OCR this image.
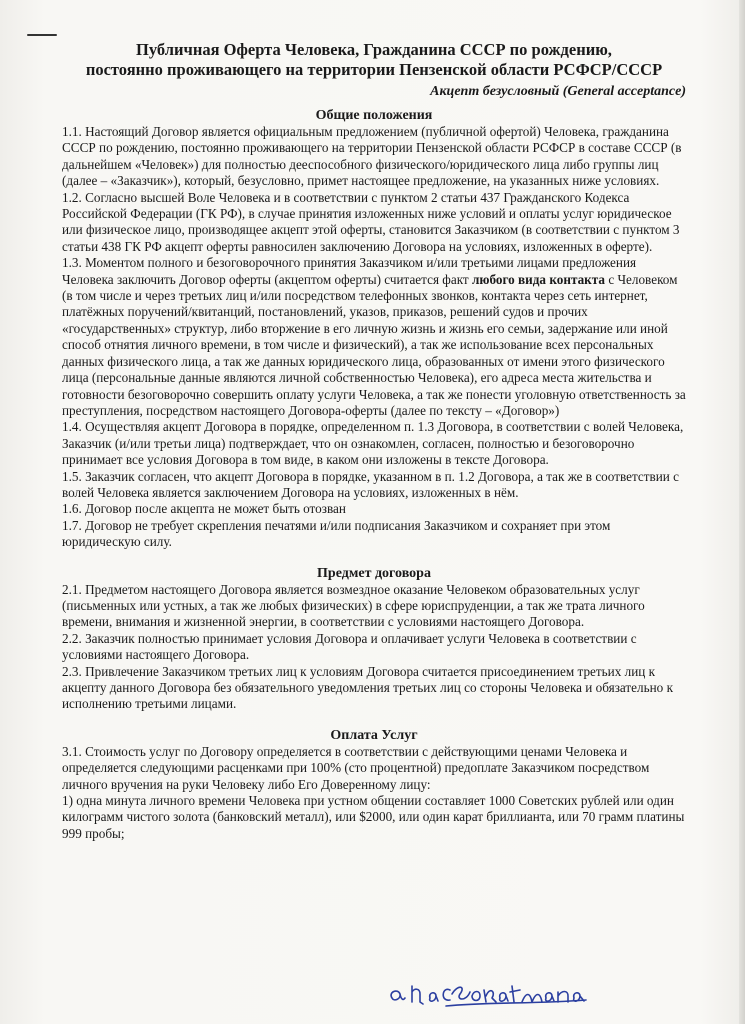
Публичная Оферта Человека, Гражданина СССР по рождению,

постоянно проживающего на территории Пензенской области РСФСР/СССР

Акцепт безусловный (General acceptance)

Общие положения

1.1. Настоящий Договор является официальным предложением (публичной офертой) Человека, гражданина СССР по рождению, постоянно проживающего на территории Пензенской области РСФСР в составе СССР (в дальнейшем «Человек») для полностью дееспособного физического/юридического лица либо группы лиц (далее – «Заказчик»), который, безусловно, примет настоящее предложение, на указанных ниже условиях.

1.2. Согласно высшей Воле Человека и в соответствии с пунктом 2 статьи 437 Гражданского Кодекса Российской Федерации (ГК РФ), в случае принятия изложенных ниже условий и оплаты услуг юридическое или физическое лицо, производящее акцепт этой оферты, становится Заказчиком (в соответствии с пунктом 3 статьи 438 ГК РФ акцепт оферты равносилен заключению Договора на условиях, изложенных в оферте).

1.3. Моментом полного и безоговорочного принятия Заказчиком и/или третьими лицами предложения Человека заключить Договор оферты (акцептом оферты) считается факт любого вида контакта с Человеком (в том числе и через третьих лиц и/или посредством телефонных звонков, контакта через сеть интернет, платёжных поручений/квитанций, постановлений, указов, приказов, решений судов и прочих «государственных» структур, либо вторжение в его личную жизнь и жизнь его семьи, задержание или иной способ отнятия личного времени, в том числе и физический), а так же использование всех персональных данных физического лица, а так же данных юридического лица, образованных от имени этого физического лица (персональные данные являются личной собственностью Человека), его адреса места жительства и готовности безоговорочно совершить оплату услуги Человека, а так же понести уголовную ответственность за преступления, посредством настоящего Договора-оферты (далее по тексту – «Договор»)

1.4. Осуществляя акцепт Договора в порядке, определенном п. 1.3 Договора, в соответствии с волей Человека, Заказчик (и/или третьи лица) подтверждает, что он ознакомлен, согласен, полностью и безоговорочно принимает все условия Договора в том виде, в каком они изложены в тексте Договора.

1.5. Заказчик согласен, что акцепт Договора в порядке, указанном в п. 1.2 Договора, а так же в соответствии с волей Человека является заключением Договора на условиях, изложенных в нём.

1.6. Договор после акцепта не может быть отозван

1.7. Договор не требует скрепления печатями и/или подписания Заказчиком и сохраняет при этом юридическую силу.

Предмет договора

2.1. Предметом настоящего Договора является возмездное оказание Человеком образовательных услуг (письменных или устных, а так же любых физических) в сфере юриспруденции, а так же трата личного времени, внимания и жизненной энергии, в соответствии с условиями настоящего Договора.

2.2. Заказчик полностью принимает условия Договора и оплачивает услуги Человека в соответствии с условиями настоящего Договора.

2.3. Привлечение Заказчиком третьих лиц к условиям Договора считается присоединением третьих лиц к акцепту данного Договора без обязательного уведомления третьих лиц со стороны Человека и обязательно к исполнению третьими лицами.

Оплата Услуг

3.1. Стоимость услуг по Договору определяется в соответствии с действующими ценами Человека и определяется следующими расценками при 100% (сто процентной) предоплате Заказчиком посредством личного вручения на руки Человеку либо Его Доверенному лицу:

1) одна минута личного времени Человека при устном общении составляет 1000 Советских рублей или один килограмм чистого золота (банковский металл), или $2000, или один карат бриллианта, или 70 грамм платины 999 пробы;
